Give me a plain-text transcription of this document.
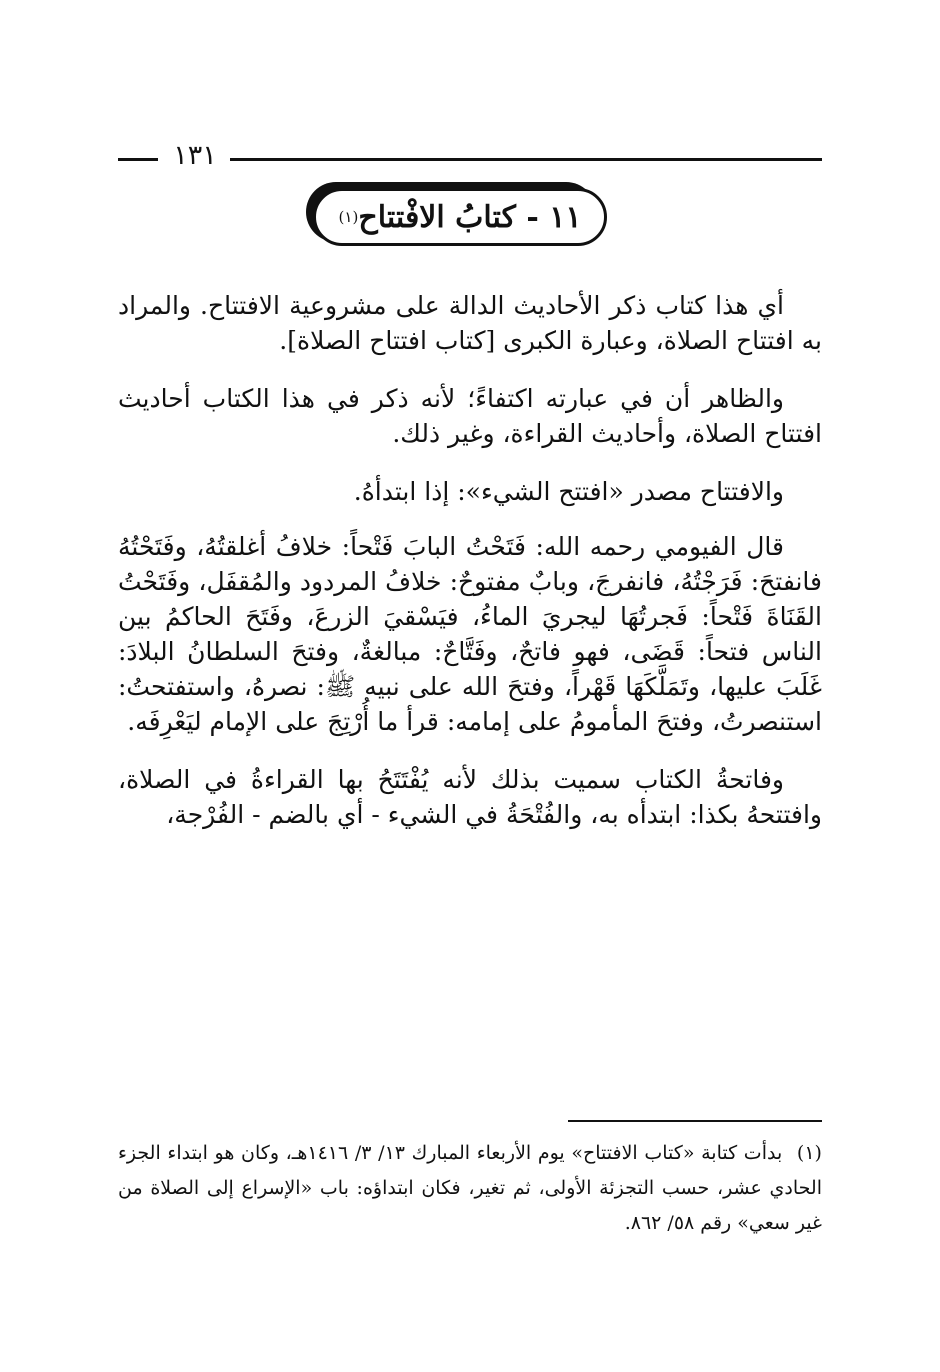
١٣١
١١ - كتابُ الافْتتاح
(١)

أي هذا كتاب ذكر الأحاديث الدالة على مشروعية الافتتاح. والمراد به افتتاح الصلاة، وعبارة الكبرى [كتاب افتتاح الصلاة].

والظاهر أن في عبارته اكتفاءً؛ لأنه ذكر في هذا الكتاب أحاديث افتتاح الصلاة، وأحاديث القراءة، وغير ذلك.

والافتتاح مصدر «افتتح الشيء»: إذا ابتدأهُ.

قال الفيومي رحمه الله: فَتَحْتُ البابَ فَتْحاً: خلافُ أغلقتُهُ، وفَتَحْتُهُ فانفتحَ: فَرَجْتُهُ، فانفرجَ، وبابٌ مفتوحٌ: خلافُ المردود والمُقفَل، وفَتَحْتُ القَنَاةَ فَتْحاً: فَجرتُهَا ليجريَ الماءُ، فيَسْقيَ الزرعَ، وفَتَحَ الحاكمُ بين الناس فتحاً: قَضَى، فهو فاتحٌ، وفَتَّاحٌ: مبالغةٌ، وفتحَ السلطانُ البلادَ: غَلَبَ عليها، وتَمَلَّكَهَا قَهْراً، وفتحَ الله على نبيه ﷺ: نصرهُ، واستفتحتُ: استنصرتُ، وفتحَ المأمومُ على إمامه: قرأ ما أُرْتِجَ على الإمام ليَعْرِفَه.

وفاتحةُ الكتاب سميت بذلك لأنه يُفْتَتَحُ بها القراءةُ في الصلاة، وافتتحهُ بكذا: ابتدأه به، والفُتْحَةُ في الشيء - أي بالضم - الفُرْجة،

(١) بدأت كتابة «كتاب الافتتاح» يوم الأربعاء المبارك ١٣/ ٣/ ١٤١٦هـ، وكان هو ابتداء الجزء الحادي عشر، حسب التجزئة الأولى، ثم تغير، فكان ابتداؤه: باب «الإسراع إلى الصلاة من غير سعي» رقم ٥٨/ ٨٦٢.
